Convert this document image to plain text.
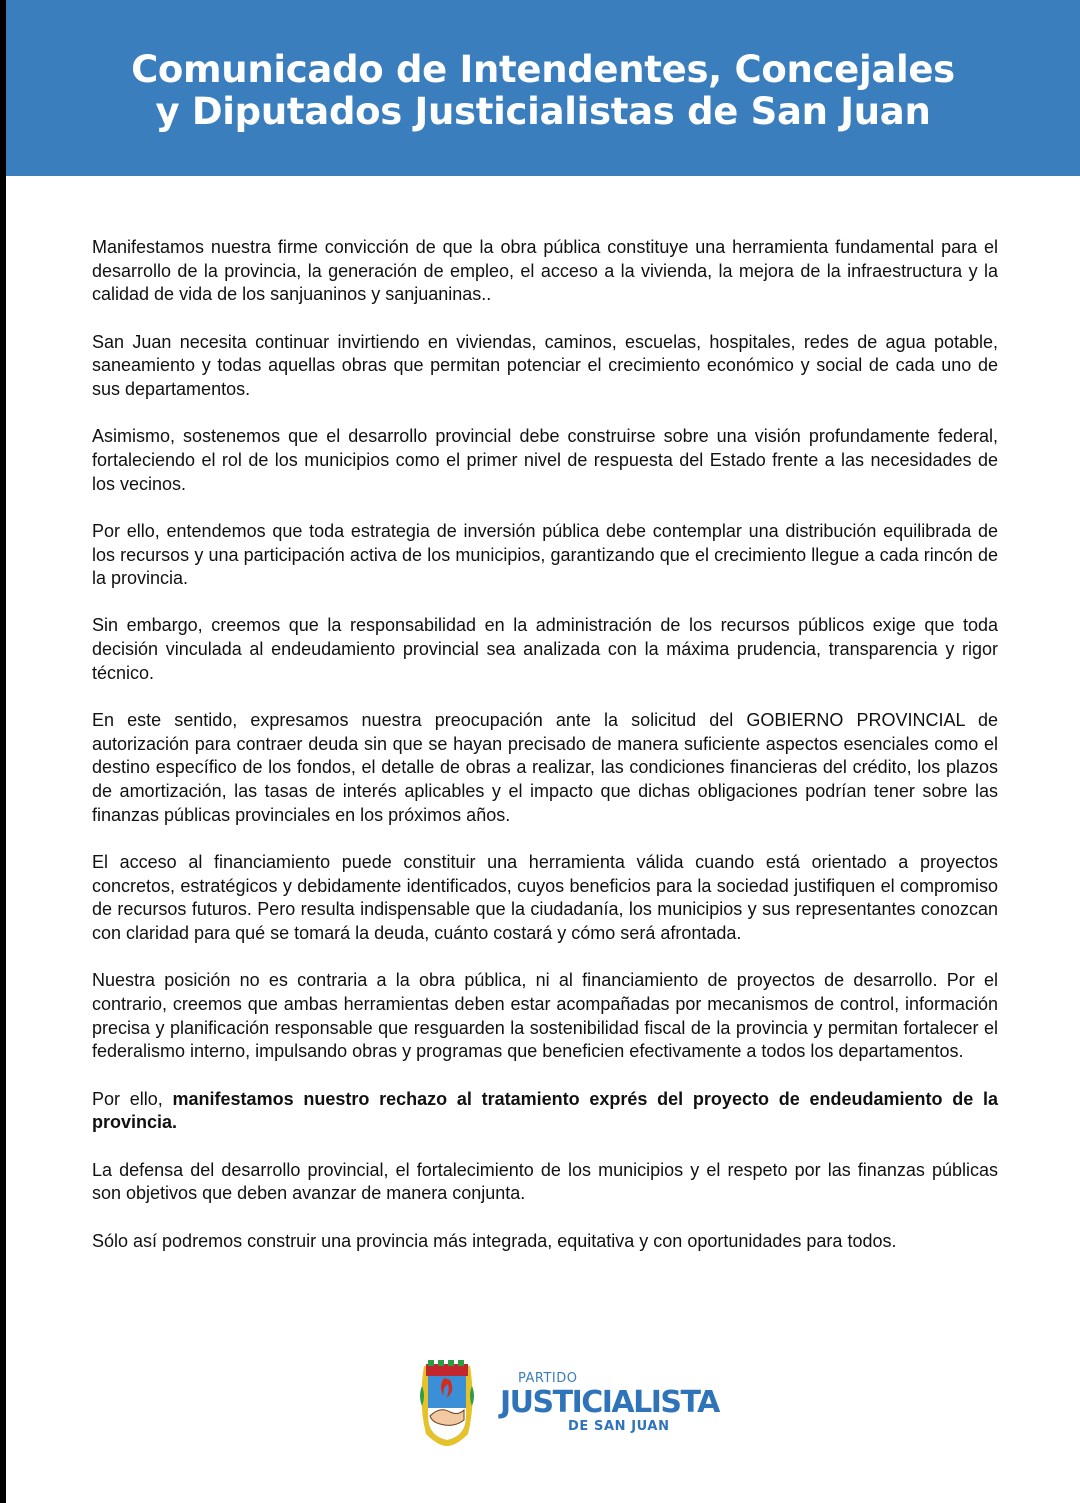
Comunicado de Intendentes, Concejales
y Diputados Justicialistas de San Juan

Manifestamos nuestra firme convicción de que la obra pública constituye una herramienta fundamental para el desarrollo de la provincia, la generación de empleo, el acceso a la vivienda, la mejora de la infraestructura y la calidad de vida de los sanjuaninos y sanjuaninas..

San Juan necesita continuar invirtiendo en viviendas, caminos, escuelas, hospitales, redes de agua potable, saneamiento y todas aquellas obras que permitan potenciar el crecimiento económico y social de cada uno de sus departamentos.

Asimismo, sostenemos que el desarrollo provincial debe construirse sobre una visión profundamente federal, fortaleciendo el rol de los municipios como el primer nivel de respuesta del Estado frente a las necesidades de los vecinos.

Por ello, entendemos que toda estrategia de inversión pública debe contemplar una distribución equilibrada de los recursos y una participación activa de los municipios, garantizando que el crecimiento llegue a cada rincón de la provincia.

Sin embargo, creemos que la responsabilidad en la administración de los recursos públicos exige que toda decisión vinculada al endeudamiento provincial sea analizada con la máxima prudencia, transparencia y rigor técnico.

En este sentido, expresamos nuestra preocupación ante la solicitud del GOBIERNO PROVINCIAL de autorización para contraer deuda sin que se hayan precisado de manera suficiente aspectos esenciales como el destino específico de los fondos, el detalle de obras a realizar, las condiciones financieras del crédito, los plazos de amortización, las tasas de interés aplicables y el impacto que dichas obligaciones podrían tener sobre las finanzas públicas provinciales en los próximos años.

El acceso al financiamiento puede constituir una herramienta válida cuando está orientado a proyectos concretos, estratégicos y debidamente identificados, cuyos beneficios para la sociedad justifiquen el compromiso de recursos futuros. Pero resulta indispensable que la ciudadanía, los municipios y sus representantes conozcan con claridad para qué se tomará la deuda, cuánto costará y cómo será afrontada.

Nuestra posición no es contraria a la obra pública, ni al financiamiento de proyectos de desarrollo. Por el contrario, creemos que ambas herramientas deben estar acompañadas por mecanismos de control, información precisa y planificación responsable que resguarden la sostenibilidad fiscal de la provincia y permitan fortalecer el federalismo interno, impulsando obras y programas que beneficien efectivamente a todos los departamentos.

Por ello, manifestamos nuestro rechazo al tratamiento exprés del proyecto de endeudamiento de la provincia.

La defensa del desarrollo provincial, el fortalecimiento de los municipios y el respeto por las finanzas públicas son objetivos que deben avanzar de manera conjunta.

Sólo así podremos construir una provincia más integrada, equitativa y con oportunidades para todos.

PARTIDO
JUSTICIALISTA
DE SAN JUAN
